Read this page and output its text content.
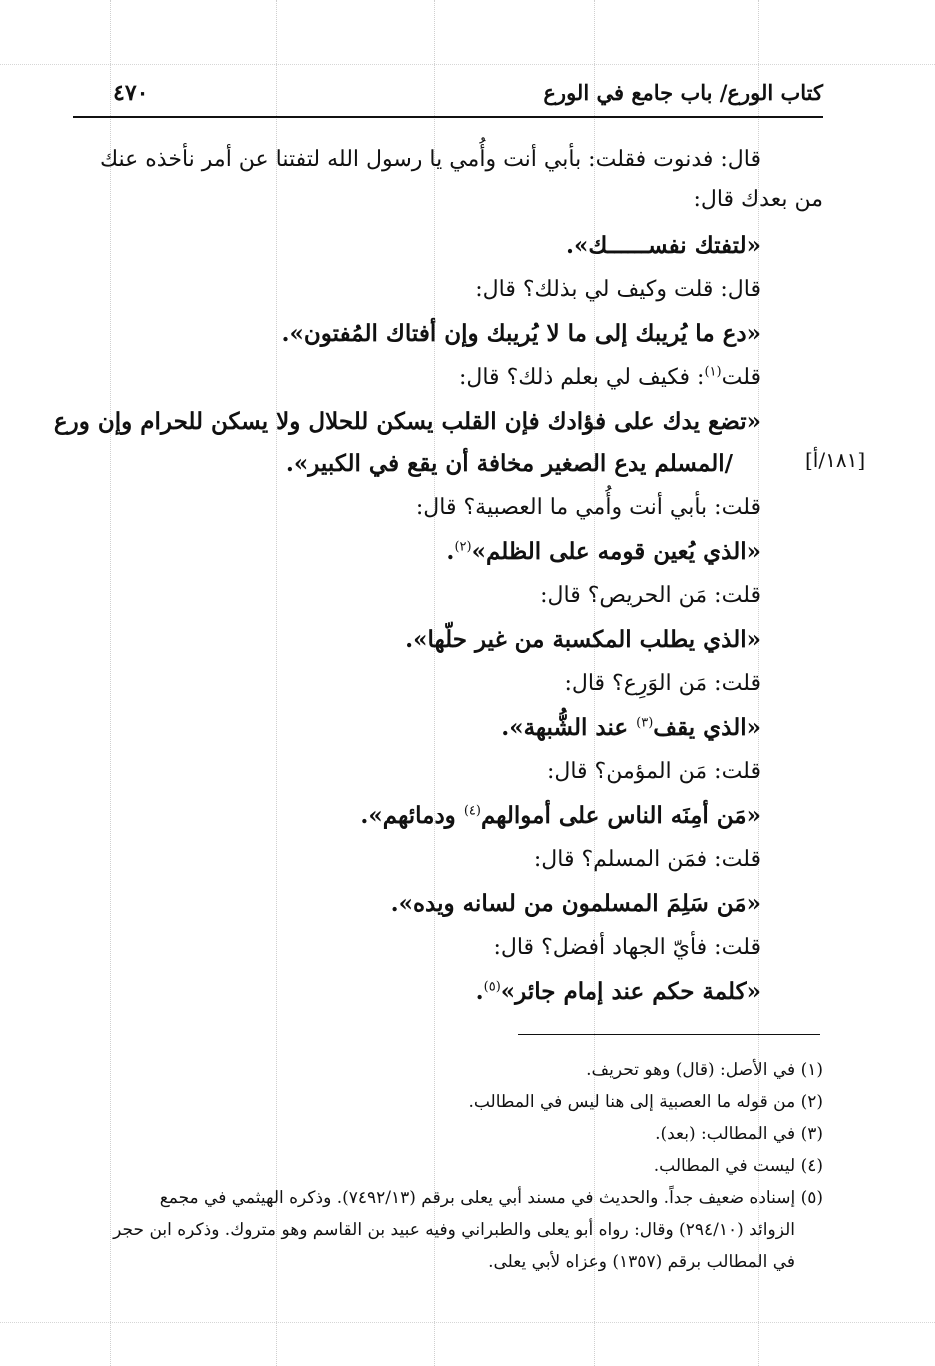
٤٧٠	كتاب الورع/ باب جامع في الورع
قال: فدنوت فقلت: بأبي أنت وأُمي يا رسول الله لتفتنا عن أمر نأخذه عنك
من بعدك قال:
«لتفتك نفســــــك».
قال: قلت وكيف لي بذلك؟ قال:
«دع ما يُريبك إلى ما لا يُريبك وإن أفتاك المُفتون».
قلت$^{(١)}$: فكيف لي بعلم ذلك؟ قال:
«تضع يدك على فؤادك فإن القلب يسكن للحلال ولا يسكن للحرام وإن ورع
/المسلم يدع الصغير مخافة أن يقع في الكبير».	[١٨١/أ]
قلت: بأبي أنت وأُمي ما العصبية؟ قال:
«الذي يُعين قومه على الظلم»$^{(٢)}$.
قلت: مَن الحريص؟ قال:
«الذي يطلب المكسبة من غير حلّها».
قلت: مَن الوَرِع؟ قال:
«الذي يقف$^{(٣)}$ عند الشُّبهة».
قلت: مَن المؤمن؟ قال:
«مَن أمِنَه الناس على أموالهم$^{(٤)}$ ودمائهم».
قلت: فمَن المسلم؟ قال:
«مَن سَلِمَ المسلمون من لسانه ويده».
قلت: فأيّ الجهاد أفضل؟ قال:
«كلمة حكم عند إمام جائر»$^{(٥)}$.
(١) في الأصل: (قال) وهو تحريف.
(٢) من قوله ما العصبية إلى هنا ليس في المطالب.
(٣) في المطالب: (بعد).
(٤) ليست في المطالب.
(٥) إسناده ضعيف جداً. والحديث في مسند أبي يعلى برقم (٧٤٩٢/١٣). وذكره الهيثمي في مجمع
الزوائد (٢٩٤/١٠) وقال: رواه أبو يعلى والطبراني وفيه عبيد بن القاسم وهو متروك. وذكره ابن حجر
في المطالب برقم (١٣٥٧) وعزاه لأبي يعلى.
